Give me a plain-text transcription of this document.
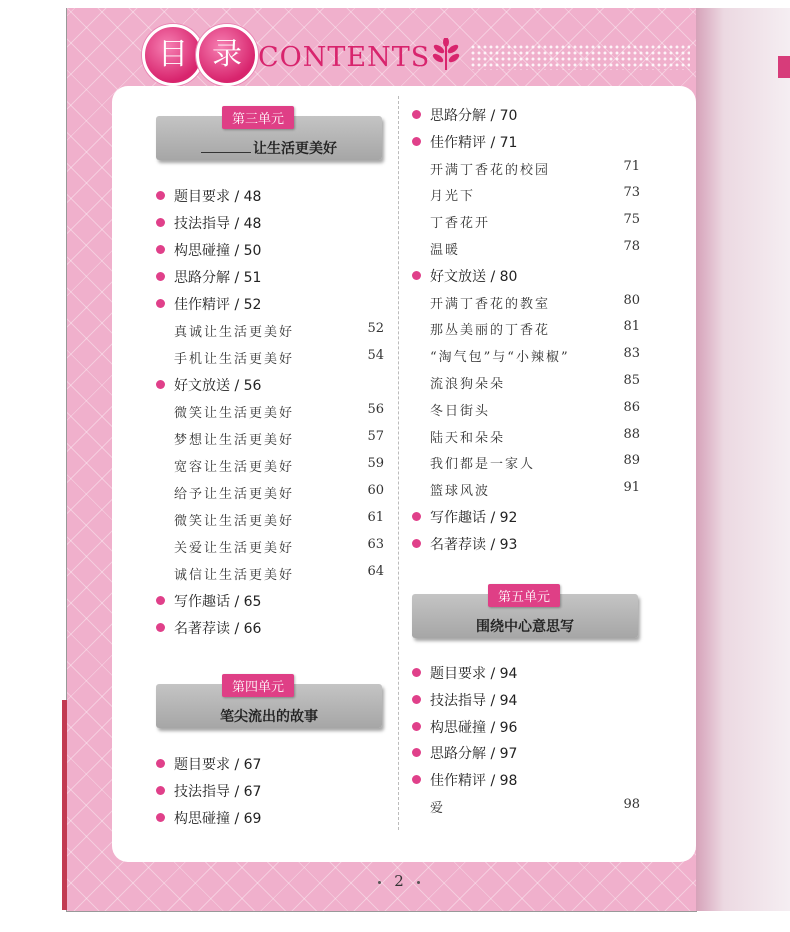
目 录 CONTENTS
第三单元
让生活更美好
第四单元
笔尖流出的故事
第五单元
围绕中心意思写
题目要求 / 48
技法指导 / 48
构思碰撞 / 50
思路分解 / 51
佳作精评 / 52
真诚让生活更美好	52
手机让生活更美好	54
好文放送 / 56
微笑让生活更美好	56
梦想让生活更美好	57
宽容让生活更美好	59
给予让生活更美好	60
微笑让生活更美好	61
关爱让生活更美好	63
诚信让生活更美好	64
写作趣话 / 65
名著荐读 / 66
题目要求 / 67
技法指导 / 67
构思碰撞 / 69
思路分解 / 70
佳作精评 / 71
开满丁香花的校园	71
月光下	73
丁香花开	75
温暖	78
好文放送 / 80
开满丁香花的教室	80
那丛美丽的丁香花	81
“淘气包”与“小辣椒”	83
流浪狗朵朵	85
冬日街头	86
陆天和朵朵	88
我们都是一家人	89
篮球风波	91
写作趣话 / 92
名著荐读 / 93
题目要求 / 94
技法指导 / 94
构思碰撞 / 96
思路分解 / 97
佳作精评 / 98
爱	98
2
